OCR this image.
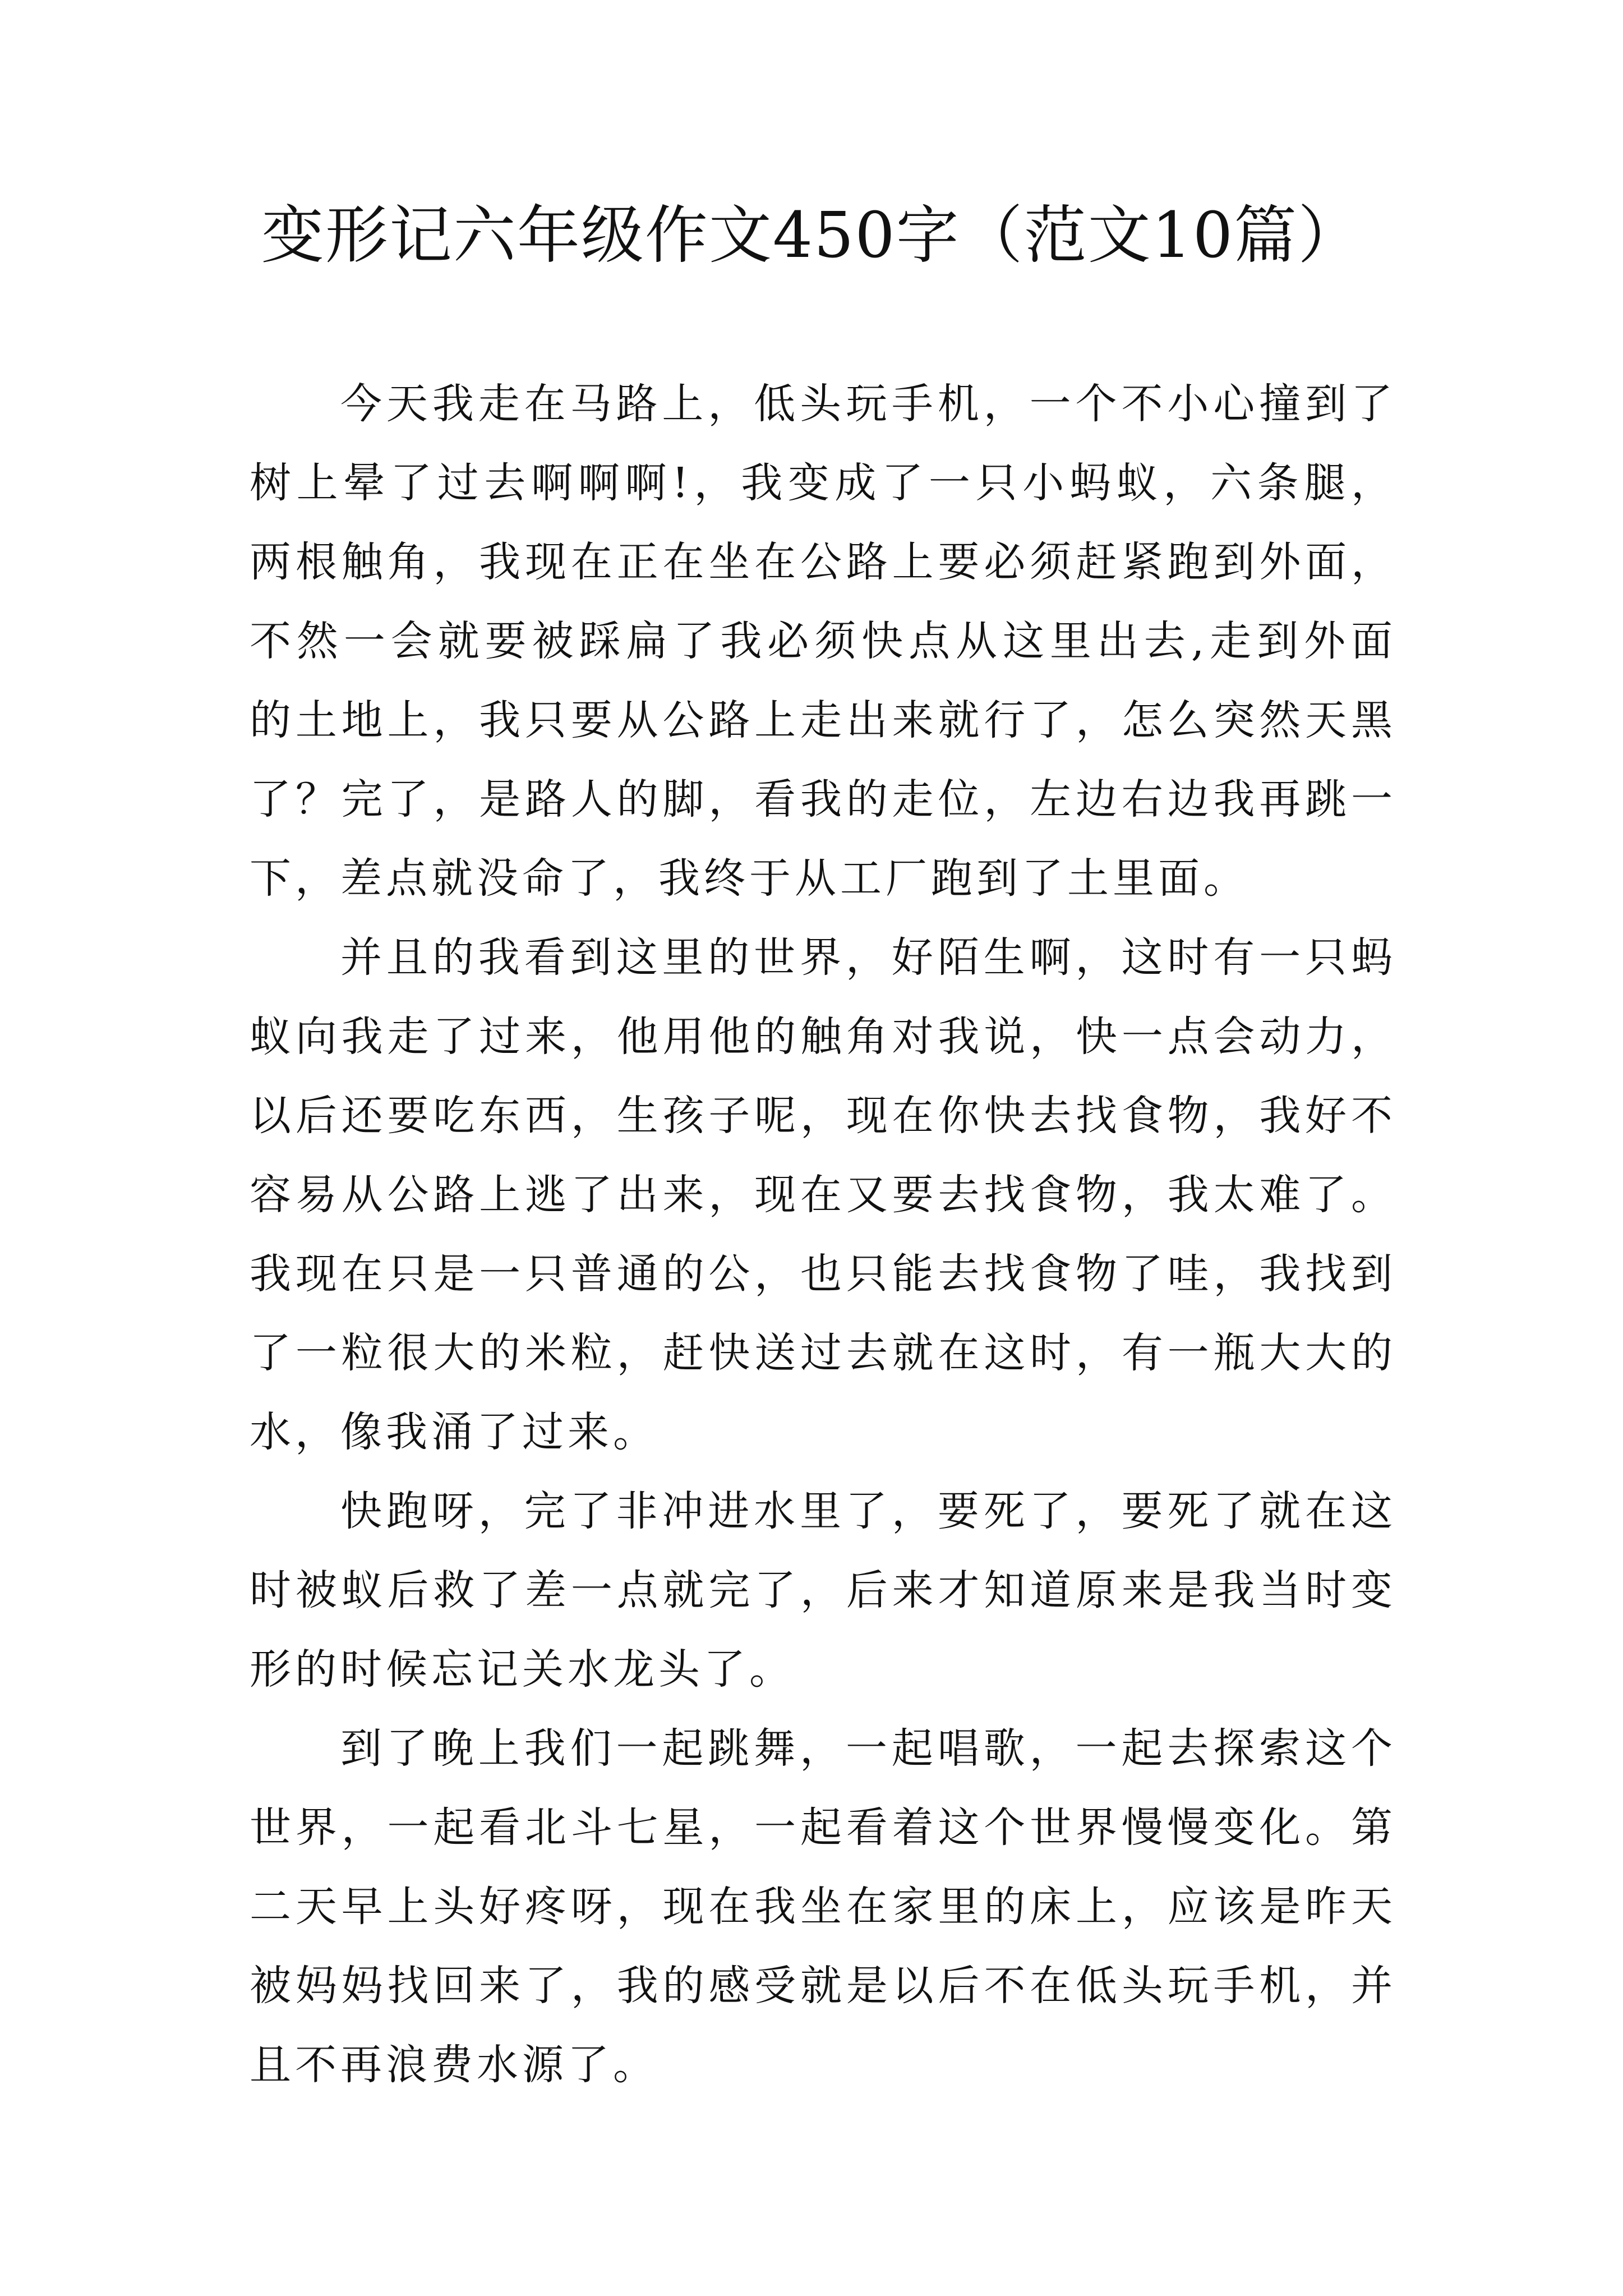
变形记六年级作文450字（范文10篇）

今天我走在马路上，低头玩手机，一个不小心撞到了树上晕了过去啊啊啊!，我变成了一只小蚂蚁，六条腿，两根触角，我现在正在坐在公路上要必须赶紧跑到外面，不然一会就要被踩扁了我必须快点从这里出去,走到外面的土地上，我只要从公路上走出来就行了，怎么突然天黑了？完了，是路人的脚，看我的走位，左边右边我再跳一下，差点就没命了，我终于从工厂跑到了土里面。

并且的我看到这里的世界，好陌生啊，这时有一只蚂蚁向我走了过来，他用他的触角对我说，快一点会动力，以后还要吃东西，生孩子呢，现在你快去找食物，我好不容易从公路上逃了出来，现在又要去找食物，我太难了。我现在只是一只普通的公，也只能去找食物了哇，我找到了一粒很大的米粒，赶快送过去就在这时，有一瓶大大的水，像我涌了过来。

快跑呀，完了非冲进水里了，要死了，要死了就在这时被蚁后救了差一点就完了，后来才知道原来是我当时变形的时候忘记关水龙头了。

到了晚上我们一起跳舞，一起唱歌，一起去探索这个世界，一起看北斗七星，一起看着这个世界慢慢变化。第二天早上头好疼呀，现在我坐在家里的床上，应该是昨天被妈妈找回来了，我的感受就是以后不在低头玩手机，并且不再浪费水源了。
